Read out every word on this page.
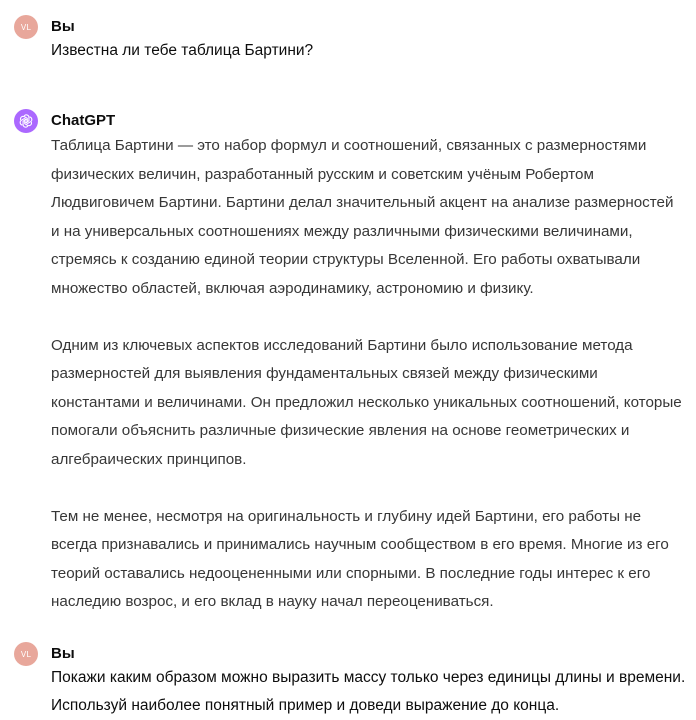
VL Вы
Известна ли тебе таблица Бартини?
ChatGPT

Таблица Бартини — это набор формул и соотношений, связанных с размерностями физических величин, разработанный русским и советским учёным Робертом Людвиговичем Бартини. Бартини делал значительный акцент на анализе размерностей и на универсальных соотношениях между различными физическими величинами, стремясь к созданию единой теории структуры Вселенной. Его работы охватывали множество областей, включая аэродинамику, астрономию и физику.

Одним из ключевых аспектов исследований Бартини было использование метода размерностей для выявления фундаментальных связей между физическими константами и величинами. Он предложил несколько уникальных соотношений, которые помогали объяснить различные физические явления на основе геометрических и алгебраических принципов.

Тем не менее, несмотря на оригинальность и глубину идей Бартини, его работы не всегда признавались и принимались научным сообществом в его время. Многие из его теорий оставались недооцененными или спорными. В последние годы интерес к его наследию возрос, и его вклад в науку начал переоцениваться.

VL Вы
Покажи каким образом можно выразить массу только через единицы длины и времени. Используй наиболее понятный пример и доведи выражение до конца.
